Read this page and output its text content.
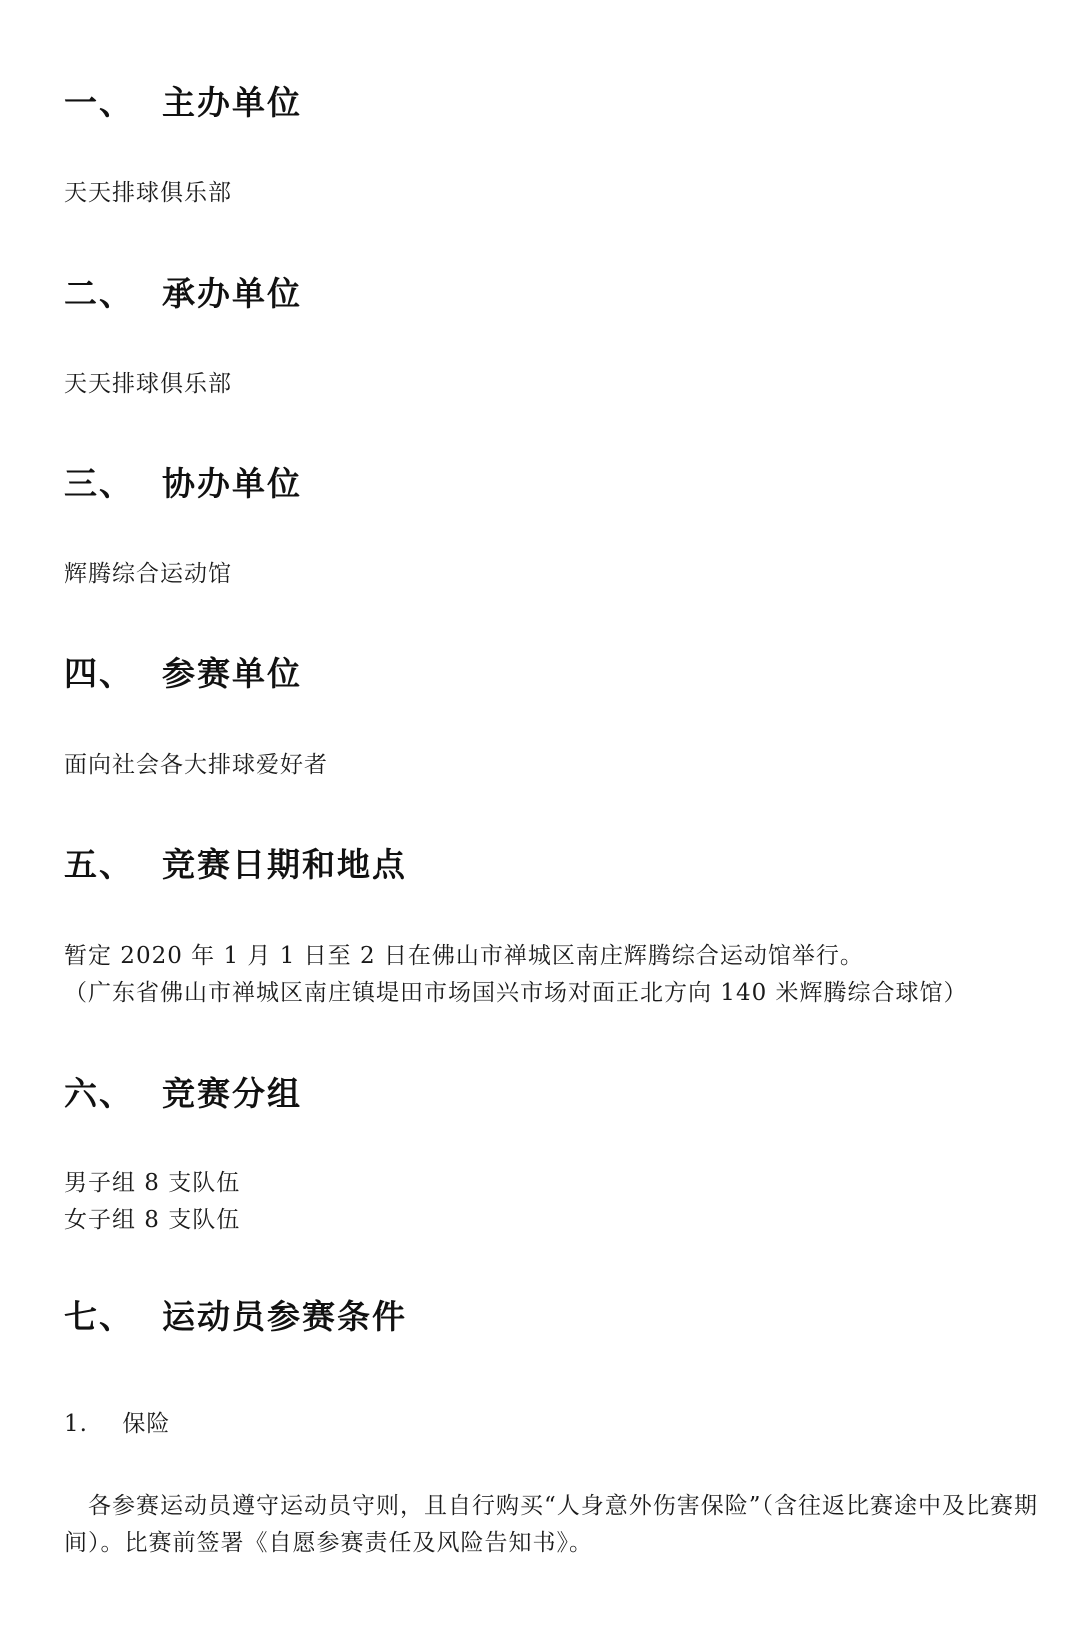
一、 主办单位
天天排球俱乐部
二、 承办单位
天天排球俱乐部
三、 协办单位
辉腾综合运动馆
四、 参赛单位
面向社会各大排球爱好者
五、 竞赛日期和地点
暂定 2020 年 1 月 1 日至 2 日在佛山市禅城区南庄辉腾综合运动馆举行。
（广东省佛山市禅城区南庄镇堤田市场国兴市场对面正北方向 140 米辉腾综合球馆）
六、 竞赛分组
男子组 8 支队伍
女子组 8 支队伍
七、 运动员参赛条件
1. 保险
各参赛运动员遵守运动员守则，且自行购买“人身意外伤害保险”（含往返比赛途中及比赛期间）。比赛前签署《自愿参赛责任及风险告知书》。
